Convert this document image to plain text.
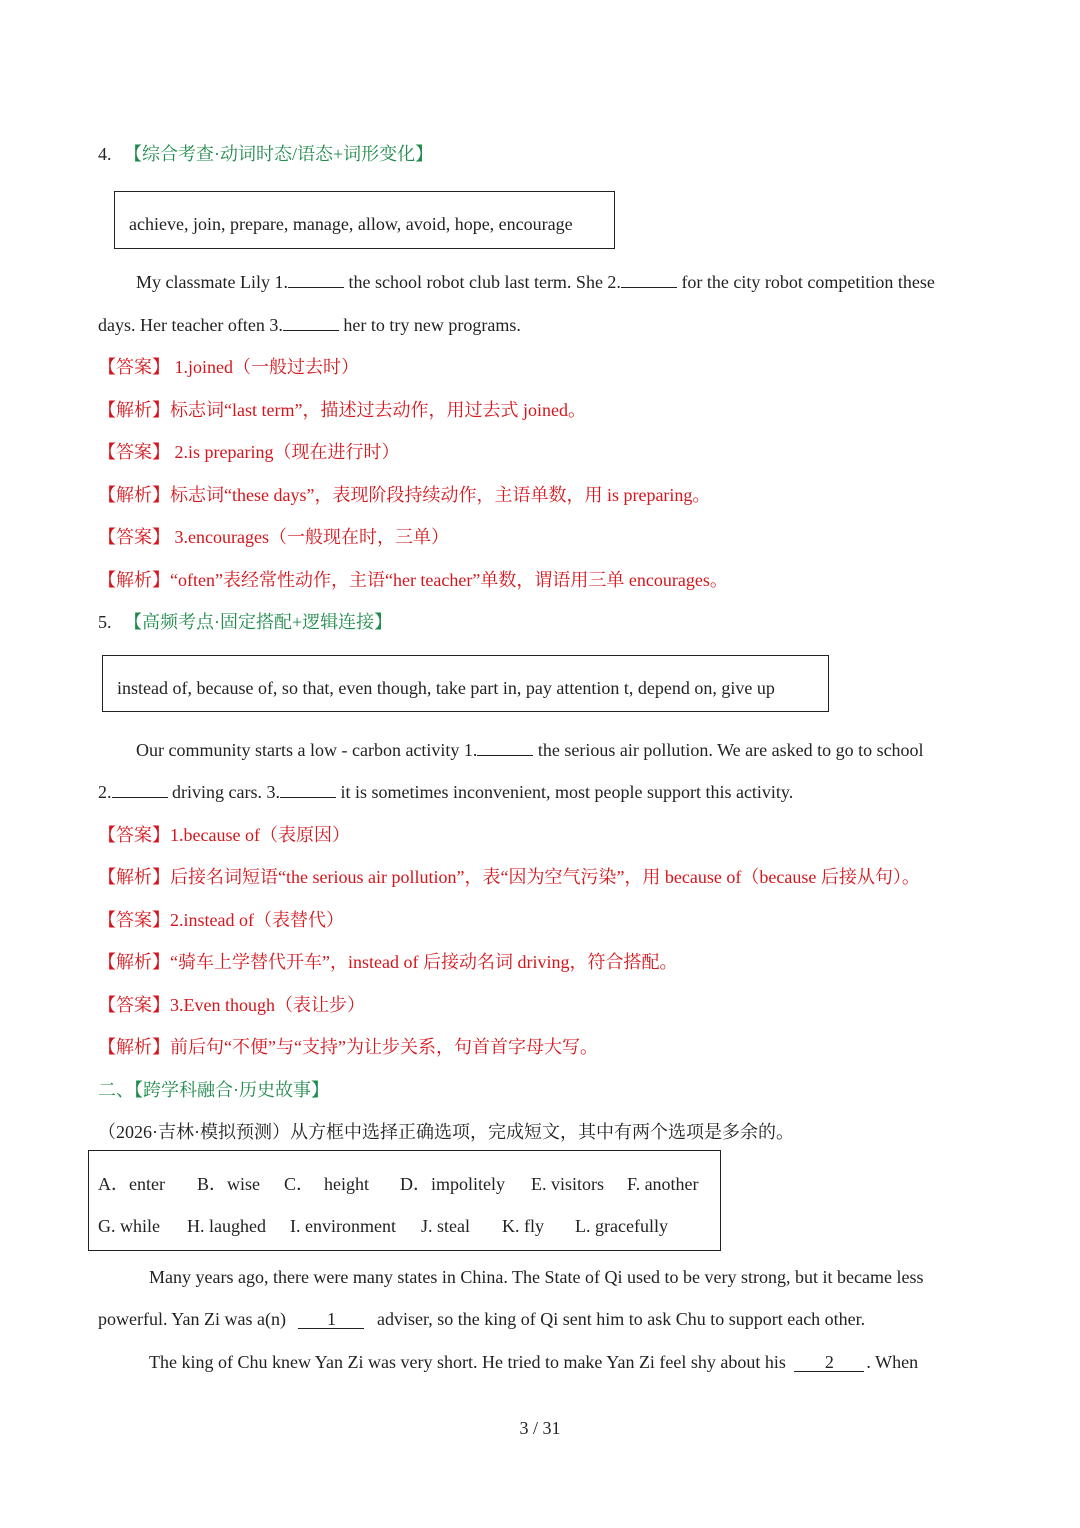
4. 【综合考查·动词时态/语态+词形变化】
achieve, join, prepare, manage, allow, avoid, hope, encourage
My classmate Lily 1.	the school robot club last term. She 2.	for the city robot competition these
days. Her teacher often 3.	her to try new programs.
【答案】 1.joined（一般过去时）
【解析】标志词“last term”，描述过去动作，用过去式 joined。
【答案】 2.is preparing（现在进行时）
【解析】标志词“these days”，表现阶段持续动作，主语单数，用 is preparing。
【答案】 3.encourages（一般现在时，三单）
【解析】“often”表经常性动作，主语“her teacher”单数，谓语用三单 encourages。
5. 【高频考点·固定搭配+逻辑连接】
instead of, because of, so that, even though, take part in, pay attention t, depend on, give up
Our community starts a low - carbon activity 1.	the serious air pollution. We are asked to go to school
2.	driving cars. 3.	it is sometimes inconvenient, most people support this activity.
【答案】1.because of（表原因）
【解析】后接名词短语“the serious air pollution”，表“因为空气污染”，用 because of（because 后接从句）。
【答案】2.instead of（表替代）
【解析】“骑车上学替代开车”，instead of 后接动名词 driving，符合搭配。
【答案】3.Even though（表让步）
【解析】前后句“不便”与“支持”为让步关系，句首首字母大写。
二、【跨学科融合·历史故事】
（2026·吉林·模拟预测）从方框中选择正确选项，完成短文，其中有两个选项是多余的。
A．enter B．wise C． height D．impolitely E. visitors F. another
G. while H. laughed I. environment J. steal K. fly L. gracefully
Many years ago, there were many states in China. The State of Qi used to be very strong, but it became less
powerful. Yan Zi was a(n) 1 adviser, so the king of Qi sent him to ask Chu to support each other.
The king of Chu knew Yan Zi was very short. He tried to make Yan Zi feel shy about his 2 . When
3 / 31
